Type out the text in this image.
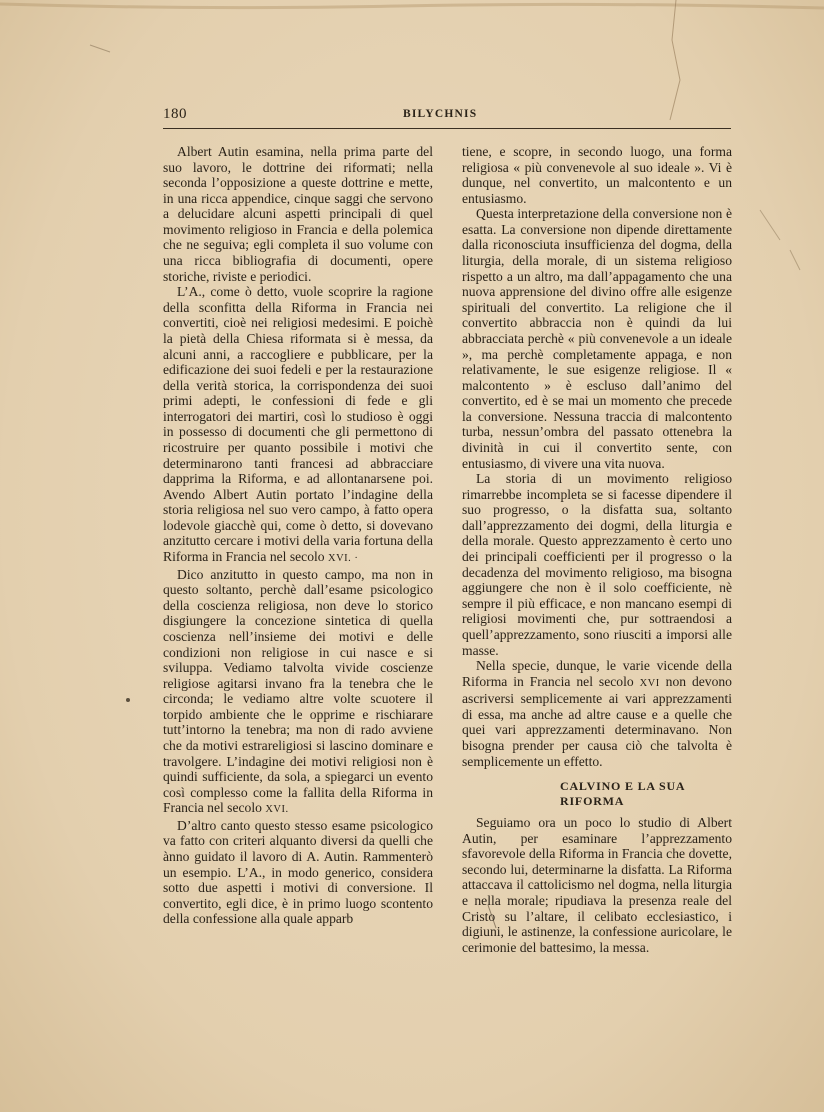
180	BILYCHNIS

Albert Autin esamina, nella prima parte del suo lavoro, le dottrine dei riformati; nella seconda l’opposizione a queste dottrine e mette, in una ricca appendice, cinque saggi che servono a delucidare alcuni aspetti principali di quel movimento religioso in Francia e della polemica che ne seguiva; egli completa il suo volume con una ricca bibliografia di documenti, opere storiche, riviste e periodici.

L’A., come ò detto, vuole scoprire la ragione della sconfitta della Riforma in Francia nei convertiti, cioè nei religiosi medesimi. E poichè la pietà della Chiesa riformata si è messa, da alcuni anni, a raccogliere e pubblicare, per la edificazione dei suoi fedeli e per la restaurazione della verità storica, la corrispondenza dei suoi primi adepti, le confessioni di fede e gli interrogatori dei martiri, così lo studioso è oggi in possesso di documenti che gli permettono di ricostruire per quanto possibile i motivi che determinarono tanti francesi ad abbracciare dapprima la Riforma, e ad allontanarsene poi. Avendo Albert Autin portato l’indagine della storia religiosa nel suo vero campo, à fatto opera lodevole giacchè qui, come ò detto, si dovevano anzitutto cercare i motivi della varia fortuna della Riforma in Francia nel secolo XVI. ·

Dico anzitutto in questo campo, ma non in questo soltanto, perchè dall’esame psicologico della coscienza religiosa, non deve lo storico disgiungere la concezione sintetica di quella coscienza nell’insieme dei motivi e delle condizioni non religiose in cui nasce e si sviluppa. Vediamo talvolta vivide coscienze religiose agitarsi invano fra la tenebra che le circonda; le vediamo altre volte scuotere il torpido ambiente che le opprime e rischiarare tutt’intorno la tenebra; ma non di rado avviene che da motivi estrareligiosi si lascino dominare e travolgere. L’indagine dei motivi religiosi non è quindi sufficiente, da sola, a spiegarci un evento così complesso come la fallita della Riforma in Francia nel secolo XVI.

D’altro canto questo stesso esame psicologico va fatto con criteri alquanto diversi da quelli che ànno guidato il lavoro di A. Autin. Rammenterò un esempio. L’A., in modo generico, considera sotto due aspetti i motivi di conversione. Il convertito, egli dice, è in primo luogo scontento della confessione alla quale apparb

tiene, e scopre, in secondo luogo, una forma religiosa « più convenevole al suo ideale ». Vi è dunque, nel convertito, un malcontento e un entusiasmo.

Questa interpretazione della conversione non è esatta. La conversione non dipende direttamente dalla riconosciuta insufficienza del dogma, della liturgia, della morale, di un sistema religioso rispetto a un altro, ma dall’appagamento che una nuova apprensione del divino offre alle esigenze spirituali del convertito. La religione che il convertito abbraccia non è quindi da lui abbracciata perchè « più convenevole a un ideale », ma perchè completamente appaga, e non relativamente, le sue esigenze religiose. Il « malcontento » è escluso dall’animo del convertito, ed è se mai un momento che precede la conversione. Nessuna traccia di malcontento turba, nessun’ombra del passato ottenebra la divinità in cui il convertito sente, con entusiasmo, di vivere una vita nuova.

La storia di un movimento religioso rimarrebbe incompleta se si facesse dipendere il suo progresso, o la disfatta sua, soltanto dall’apprezzamento dei dogmi, della liturgia e della morale. Questo apprezzamento è certo uno dei principali coefficienti per il progresso o la decadenza del movimento religioso, ma bisogna aggiungere che non è il solo coefficiente, nè sempre il più efficace, e non mancano esempi di religiosi movimenti che, pur sottraendosi a quell’apprezzamento, sono riusciti a imporsi alle masse.

Nella specie, dunque, le varie vicende della Riforma in Francia nel secolo XVI non devono ascriversi semplicemente ai vari apprezzamenti di essa, ma anche ad altre cause e a quelle che quei vari apprezzamenti determinavano. Non bisogna prender per causa ciò che talvolta è semplicemente un effetto.

CALVINO E LA SUA
RIFORMA

Seguiamo ora un poco lo studio di Albert Autin, per esaminare l’apprezzamento sfavorevole della Riforma in Francia che dovette, secondo lui, determinarne la disfatta. La Riforma attaccava il cattolicismo nel dogma, nella liturgia e nella morale; ripudiava la presenza reale del Cristo su l’altare, il celibato ecclesiastico, i digiuni, le astinenze, la confessione auricolare, le cerimonie del battesimo, la messa.
